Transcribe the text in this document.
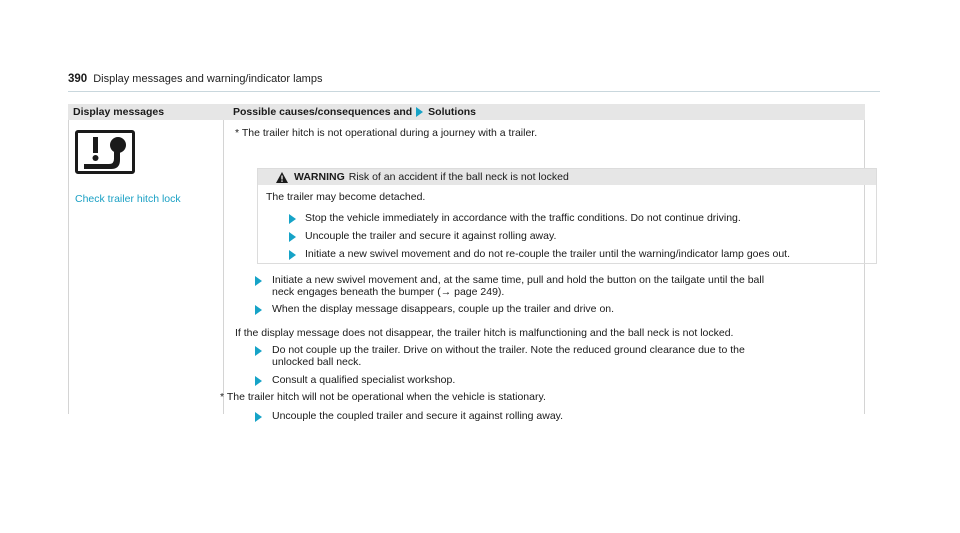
390 Display messages and warning/indicator lamps
Display messages	Possible causes/consequences and Solutions
Check trailer hitch lock
* The trailer hitch is not operational during a journey with a trailer.
WARNING Risk of an accident if the ball neck is not locked
The trailer may become detached.
Stop the vehicle immediately in accordance with the traffic conditions. Do not continue driving.
Uncouple the trailer and secure it against rolling away.
Initiate a new swivel movement and do not re-couple the trailer until the warning/indicator lamp goes out.
Initiate a new swivel movement and, at the same time, pull and hold the button on the tailgate until the ball
neck engages beneath the bumper (→ page 249).
When the display message disappears, couple up the trailer and drive on.
If the display message does not disappear, the trailer hitch is malfunctioning and the ball neck is not locked.
Do not couple up the trailer. Drive on without the trailer. Note the reduced ground clearance due to the
unlocked ball neck.
Consult a qualified specialist workshop.
* The trailer hitch will not be operational when the vehicle is stationary.
Uncouple the coupled trailer and secure it against rolling away.
